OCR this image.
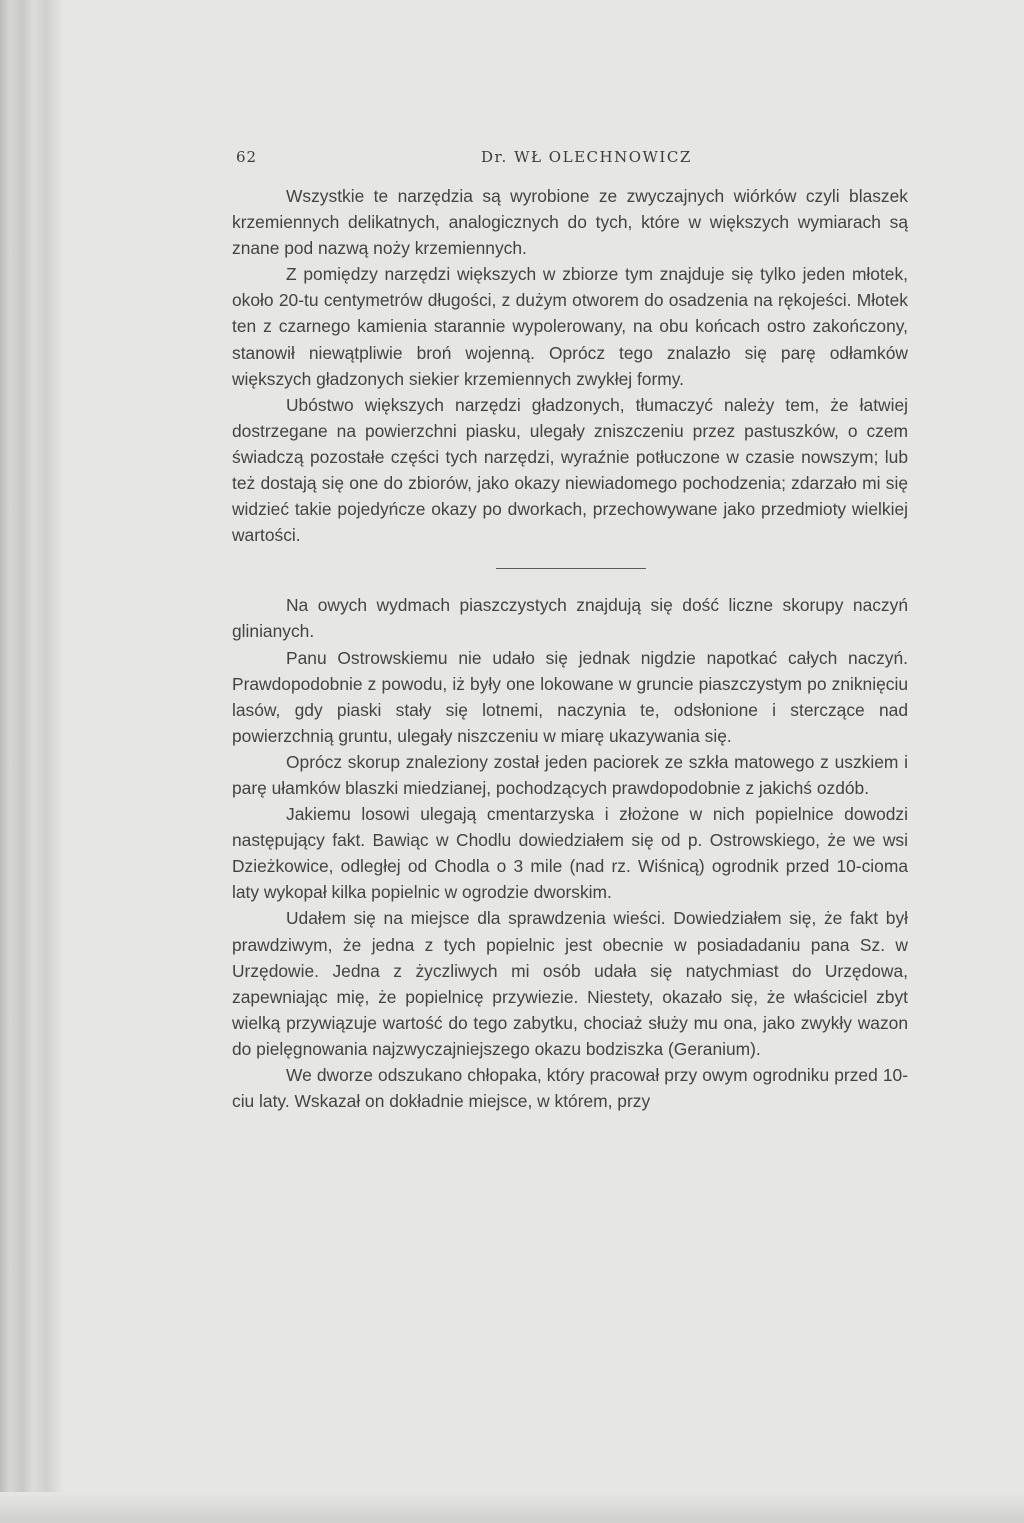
62	Dr. WŁ OLECHNOWICZ

Wszystkie te narzędzia są wyrobione ze zwyczajnych wiórków czyli blaszek krzemiennych delikatnych, analogicznych do tych, które w większych wymiarach są znane pod nazwą noży krzemiennych.

Z pomiędzy narzędzi większych w zbiorze tym znajduje się tylko jeden młotek, około 20-tu centymetrów długości, z dużym otworem do osadzenia na rękojeści. Młotek ten z czarnego kamienia starannie wypolerowany, na obu końcach ostro zakończony, stanowił niewątpliwie broń wojenną. Oprócz tego znalazło się parę odłamków większych gładzonych siekier krzemiennych zwykłej formy.

Ubóstwo większych narzędzi gładzonych, tłumaczyć należy tem, że łatwiej dostrzegane na powierzchni piasku, ulegały zniszczeniu przez pastuszków, o czem świadczą pozostałe części tych narzędzi, wyraźnie potłuczone w czasie nowszym; lub też dostają się one do zbiorów, jako okazy niewiadomego pochodzenia; zdarzało mi się widzieć takie pojedyńcze okazy po dworkach, przechowywane jako przedmioty wielkiej wartości.

Na owych wydmach piaszczystych znajdują się dość liczne skorupy naczyń glinianych.

Panu Ostrowskiemu nie udało się jednak nigdzie napotkać całych naczyń. Prawdopodobnie z powodu, iż były one lokowane w gruncie piaszczystym po zniknięciu lasów, gdy piaski stały się lotnemi, naczynia te, odsłonione i sterczące nad powierzchnią gruntu, ulegały niszczeniu w miarę ukazywania się.

Oprócz skorup znaleziony został jeden paciorek ze szkła matowego z uszkiem i parę ułamków blaszki miedzianej, pochodzących prawdopodobnie z jakichś ozdób.

Jakiemu losowi ulegają cmentarzyska i złożone w nich popielnice dowodzi następujący fakt. Bawiąc w Chodlu dowiedziałem się od p. Ostrowskiego, że we wsi Dzieżkowice, odległej od Chodla o 3 mile (nad rz. Wiśnicą) ogrodnik przed 10-cioma laty wykopał kilka popielnic w ogrodzie dworskim.

Udałem się na miejsce dla sprawdzenia wieści. Dowiedziałem się, że fakt był prawdziwym, że jedna z tych popielnic jest obecnie w posiadadaniu pana Sz. w Urzędowie. Jedna z życzliwych mi osób udała się natychmiast do Urzędowa, zapewniając mię, że popielnicę przywiezie. Niestety, okazało się, że właściciel zbyt wielką przywiązuje wartość do tego zabytku, chociaż służy mu ona, jako zwykły wazon do pielęgnowania najzwyczajniejszego okazu bodziszka (Geranium).

We dworze odszukano chłopaka, który pracował przy owym ogrodniku przed 10-ciu laty. Wskazał on dokładnie miejsce, w którem, przy
